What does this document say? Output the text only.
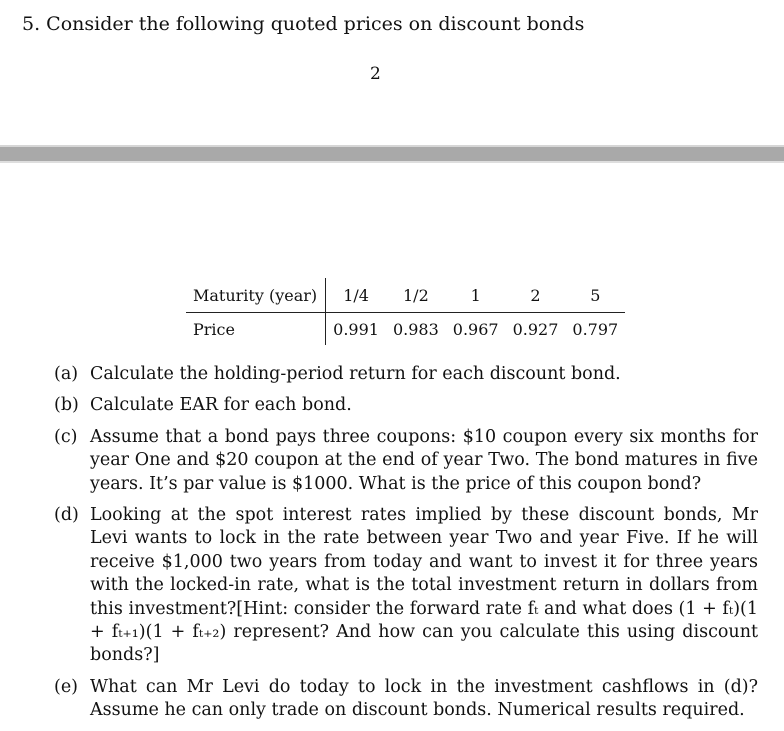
5. Consider the following quoted prices on discount bonds
2
Maturity (year)	1/4	1/2	1	2	5
Price	0.991	0.983	0.967	0.927	0.797
(a) Calculate the holding-period return for each discount bond.
(b) Calculate EAR for each bond.
(c) Assume that a bond pays three coupons: $10 coupon every six months for year One and $20 coupon at the end of year Two. The bond matures in five years. It’s par value is $1000. What is the price of this coupon bond?
(d) Looking at the spot interest rates implied by these discount bonds, Mr Levi wants to lock in the rate between year Two and year Five. If he will receive $1,000 two years from today and want to invest it for three years with the locked-in rate, what is the total investment return in dollars from this investment?[Hint: consider the forward rate fₜ and what does (1 + fₜ)(1 + fₜ₊₁)(1 + fₜ₊₂) represent? And how can you calculate this using discount bonds?]
(e) What can Mr Levi do today to lock in the investment cashflows in (d)? Assume he can only trade on discount bonds. Numerical results required.
